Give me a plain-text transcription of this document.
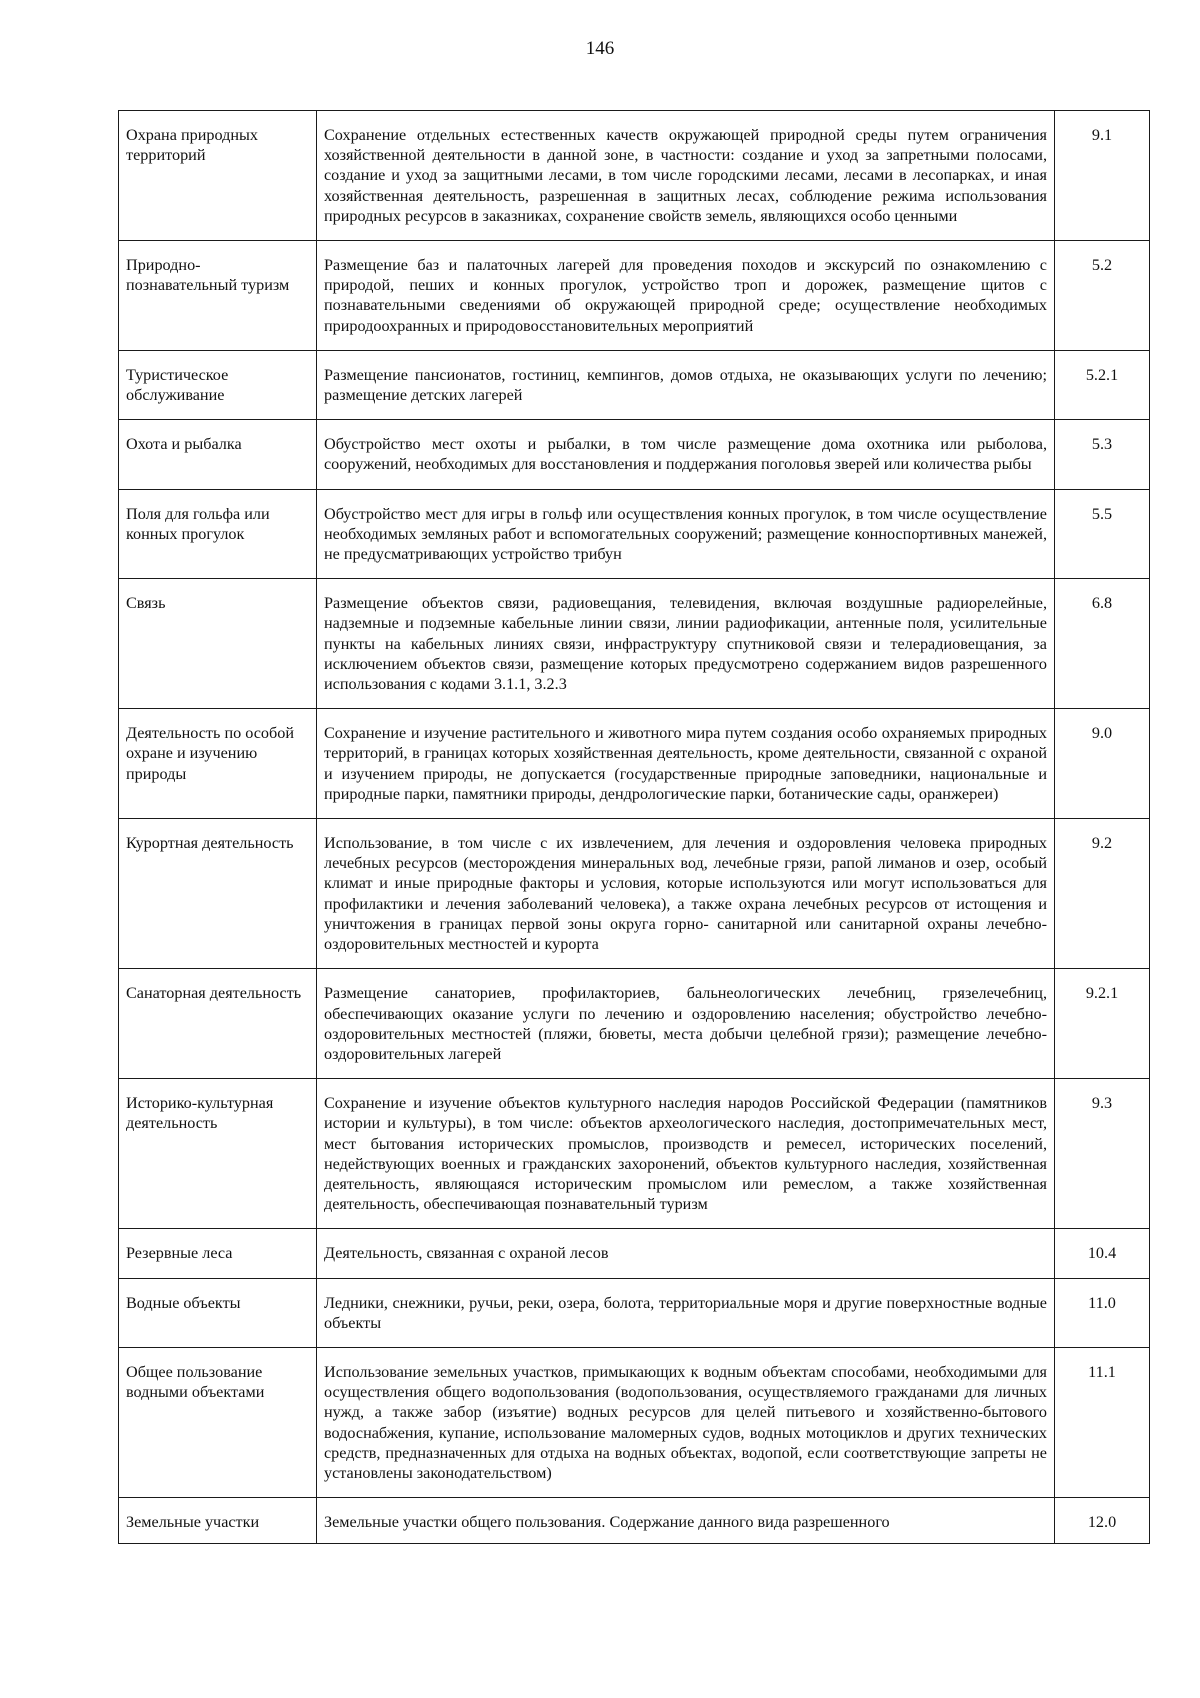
146
Охрана природных территорий	Сохранение отдельных естественных качеств окружающей природной среды путем ограничения хозяйственной деятельности в данной зоне, в частности: создание и уход за запретными полосами, создание и уход за защитными лесами, в том числе городскими лесами, лесами в лесопарках, и иная хозяйственная деятельность, разрешенная в защитных лесах, соблюдение режима использования природных ресурсов в заказниках, сохранение свойств земель, являющихся особо ценными	9.1
Природно-познавательный туризм	Размещение баз и палаточных лагерей для проведения походов и экскурсий по ознакомлению с природой, пеших и конных прогулок, устройство троп и дорожек, размещение щитов с познавательными сведениями об окружающей природной среде; осуществление необходимых природоохранных и природовосстановительных мероприятий	5.2
Туристическое обслуживание	Размещение пансионатов, гостиниц, кемпингов, домов отдыха, не оказывающих услуги по лечению; размещение детских лагерей	5.2.1
Охота и рыбалка	Обустройство мест охоты и рыбалки, в том числе размещение дома охотника или рыболова, сооружений, необходимых для восстановления и поддержания поголовья зверей или количества рыбы	5.3
Поля для гольфа или конных прогулок	Обустройство мест для игры в гольф или осуществления конных прогулок, в том числе осуществление необходимых земляных работ и вспомогательных сооружений; размещение конноспортивных манежей, не предусматривающих устройство трибун	5.5
Связь	Размещение объектов связи, радиовещания, телевидения, включая воздушные радиорелейные, надземные и подземные кабельные линии связи, линии радиофикации, антенные поля, усилительные пункты на кабельных линиях связи, инфраструктуру спутниковой связи и телерадиовещания, за исключением объектов связи, размещение которых предусмотрено содержанием видов разрешенного использования с кодами 3.1.1, 3.2.3	6.8
Деятельность по особой охране и изучению природы	Сохранение и изучение растительного и животного мира путем создания особо охраняемых природных территорий, в границах которых хозяйственная деятельность, кроме деятельности, связанной с охраной и изучением природы, не допускается (государственные природные заповедники, национальные и природные парки, памятники природы, дендрологические парки, ботанические сады, оранжереи)	9.0
Курортная деятельность	Использование, в том числе с их извлечением, для лечения и оздоровления человека природных лечебных ресурсов (месторождения минеральных вод, лечебные грязи, рапой лиманов и озер, особый климат и иные природные факторы и условия, которые используются или могут использоваться для профилактики и лечения заболеваний человека), а также охрана лечебных ресурсов от истощения и уничтожения в границах первой зоны округа горно- санитарной или санитарной охраны лечебно-оздоровительных местностей и курорта	9.2
Санаторная деятельность	Размещение санаториев, профилакториев, бальнеологических лечебниц, грязелечебниц, обеспечивающих оказание услуги по лечению и оздоровлению населения; обустройство лечебно-оздоровительных местностей (пляжи, бюветы, места добычи целебной грязи); размещение лечебно-оздоровительных лагерей	9.2.1
Историко-культурная деятельность	Сохранение и изучение объектов культурного наследия народов Российской Федерации (памятников истории и культуры), в том числе: объектов археологического наследия, достопримечательных мест, мест бытования исторических промыслов, производств и ремесел, исторических поселений, недействующих военных и гражданских захоронений, объектов культурного наследия, хозяйственная деятельность, являющаяся историческим промыслом или ремеслом, а также хозяйственная деятельность, обеспечивающая познавательный туризм	9.3
Резервные леса	Деятельность, связанная с охраной лесов	10.4
Водные объекты	Ледники, снежники, ручьи, реки, озера, болота, территориальные моря и другие поверхностные водные объекты	11.0
Общее пользование водными объектами	Использование земельных участков, примыкающих к водным объектам способами, необходимыми для осуществления общего водопользования (водопользования, осуществляемого гражданами для личных нужд, а также забор (изъятие) водных ресурсов для целей питьевого и хозяйственно-бытового водоснабжения, купание, использование маломерных судов, водных мотоциклов и других технических средств, предназначенных для отдыха на водных объектах, водопой, если соответствующие запреты не установлены законодательством)	11.1
Земельные участки	Земельные участки общего пользования. Содержание данного вида разрешенного	12.0
